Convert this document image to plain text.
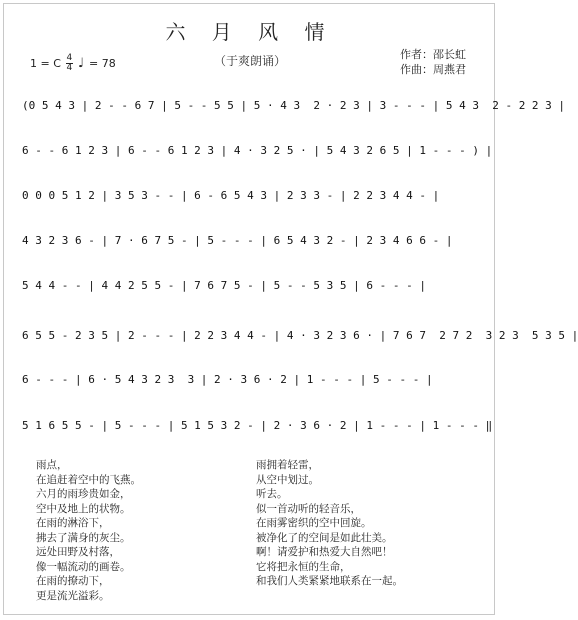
六 月 风 情
1 = C $\frac{4}{4}$ ♩ = 78	（于爽朗诵）	作者：邵长虹
作曲：周燕君
(0 5 4 3 | 2 - - 6 7 | 5 - - 5 5 | 5 · 4 3  2 · 2 3 | 3 - - - | 5 4 3  2 - 2 2 3 |
6 - - 6 1 2 3 | 6 - - 6 1 2 3 | 4 · 3 2 5 · | 5 4 3 2 6 5 | 1 - - - ) |
0 0 0 5 1 2 | 3 5 3 - - | 6 - 6 5 4 3 | 2 3 3 - | 2 2 3 4 4 - |
4 3 2 3 6 - | 7 · 6 7 5 - | 5 - - - | 6 5 4 3 2 - | 2 3 4 6 6 - |
5 4 4 - - | 4 4 2 5 5 - | 7 6 7 5 - | 5 - - 5 3 5 | 6 - - - |
6 5 5 - 2 3 5 | 2 - - - | 2 2 3 4 4 - | 4 · 3 2 3 6 · | 7 6 7  2 7 2  3 2 3  5 3 5 |
6 - - - | 6 · 5 4 3 2 3  3 | 2 · 3 6 · 2 | 1 - - - | 5 - - - |
5 1 6 5 5 - | 5 - - - | 5 1 5 3 2 - | 2 · 3 6 · 2 | 1 - - - | 1 - - - ‖
雨点，
在追赶着空中的飞燕。
六月的雨珍贵如金，
空中及地上的状物。
在雨的淋浴下，
拂去了满身的灰尘。
远处田野及村落，
像一幅流动的画卷。
在雨的撩动下，
更是流光溢彩。
雨拥着轻雷，
从空中划过。
听去。
似一首动听的轻音乐，
在雨雾密织的空中回旋。
被净化了的空间是如此壮美。
啊！请爱护和热爱大自然吧！
它将把永恒的生命，
和我们人类紧紧地联系在一起。
